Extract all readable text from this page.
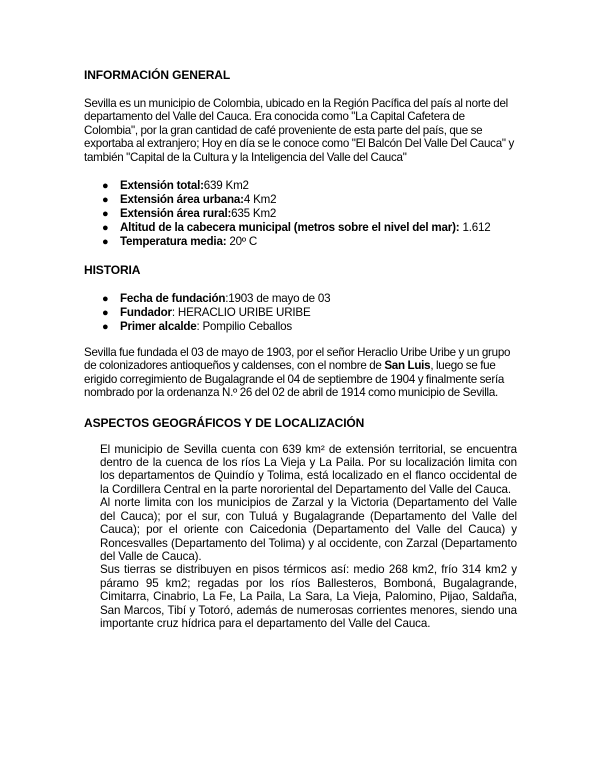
INFORMACIÓN GENERAL

Sevilla es un municipio de Colombia, ubicado en la Región Pacífica del país al norte del departamento del Valle del Cauca. Era conocida como "La Capital Cafetera de Colombia", por la gran cantidad de café proveniente de esta parte del país, que se exportaba al extranjero; Hoy en día se le conoce como "El Balcón Del Valle Del Cauca" y también "Capital de la Cultura y la Inteligencia del Valle del Cauca"

● Extensión total:639 Km2
● Extensión área urbana:4 Km2
● Extensión área rural:635 Km2
● Altitud de la cabecera municipal (metros sobre el nivel del mar): 1.612
● Temperatura media: 20º C
HISTORIA
● Fecha de fundación:1903 de mayo de 03
● Fundador: HERACLIO URIBE URIBE
● Primer alcalde: Pompilio Ceballos

Sevilla fue fundada el 03 de mayo de 1903, por el señor Heraclio Uribe Uribe y un grupo de colonizadores antioqueños y caldenses, con el nombre de San Luis, luego se fue erigido corregimiento de Bugalagrande el 04 de septiembre de 1904 y finalmente sería nombrado por la ordenanza N.º 26 del 02 de abril de 1914 como municipio de Sevilla.

ASPECTOS GEOGRÁFICOS Y DE LOCALIZACIÓN

El municipio de Sevilla cuenta con 639 km² de extensión territorial, se encuentra dentro de la cuenca de los ríos La Vieja y La Paila. Por su localización limita con los departamentos de Quindío y Tolima, está localizado en el flanco occidental de la Cordillera Central en la parte nororiental del Departamento del Valle del Cauca.

Al norte limita con los municipios de Zarzal y la Victoria (Departamento del Valle del Cauca); por el sur, con Tuluá y Bugalagrande (Departamento del Valle del Cauca); por el oriente con Caicedonia (Departamento del Valle del Cauca) y Roncesvalles (Departamento del Tolima) y al occidente, con Zarzal (Departamento del Valle de Cauca).

Sus tierras se distribuyen en pisos térmicos así: medio 268 km2, frío 314 km2 y páramo 95 km2; regadas por los ríos Ballesteros, Bomboná, Bugalagrande, Cimitarra, Cinabrio, La Fe, La Paila, La Sara, La Vieja, Palomino, Pijao, Saldaña, San Marcos, Tibí y Totoró, además de numerosas corrientes menores, siendo una importante cruz hídrica para el departamento del Valle del Cauca.
